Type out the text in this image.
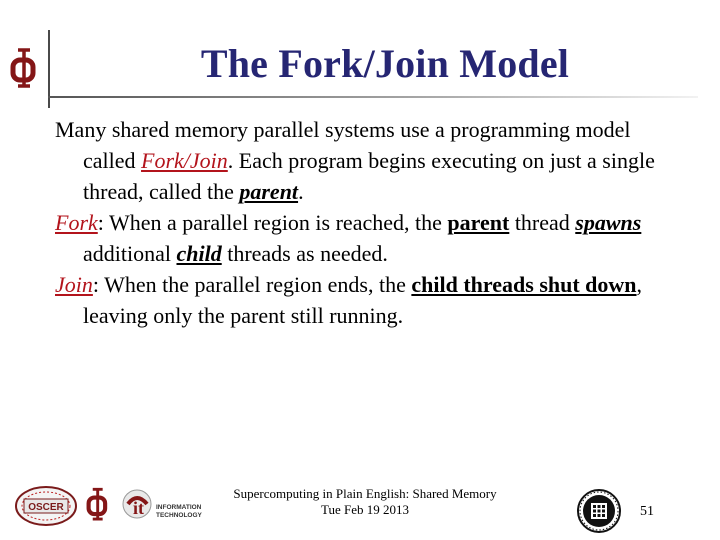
The Fork/Join Model

Many shared memory parallel systems use a programming model called Fork/Join. Each program begins executing on just a single thread, called the parent.

Fork: When a parallel region is reached, the parent thread spawns additional child threads as needed.

Join: When the parallel region ends, the child threads shut down, leaving only the parent still running.

OSCER	it INFORMATION
TECHNOLOGY
Supercomputing in Plain English: Shared Memory
Tue Feb 19 2013	51
